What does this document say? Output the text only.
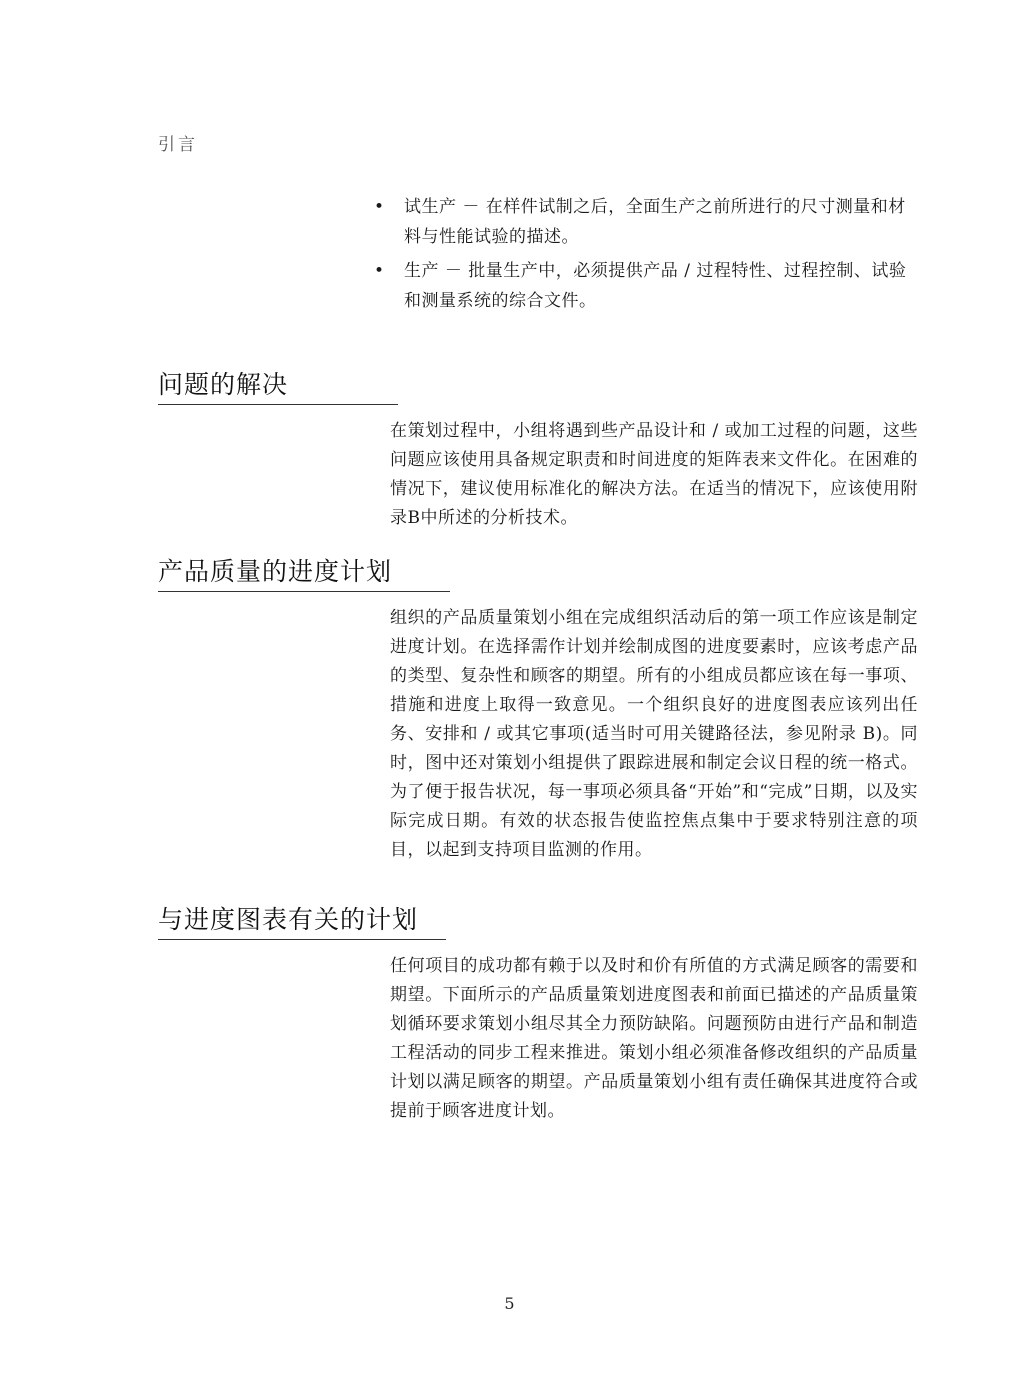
引言
• 试生产 － 在样件试制之后，全面生产之前所进行的尺寸测量和材料与性能试验的描述。
• 生产 － 批量生产中，必须提供产品 / 过程特性、过程控制、试验和测量系统的综合文件。
问题的解决

在策划过程中，小组将遇到些产品设计和 / 或加工过程的问题，这些问题应该使用具备规定职责和时间进度的矩阵表来文件化。在困难的情况下，建议使用标准化的解决方法。在适当的情况下，应该使用附录B中所述的分析技术。

产品质量的进度计划

组织的产品质量策划小组在完成组织活动后的第一项工作应该是制定进度计划。在选择需作计划并绘制成图的进度要素时，应该考虑产品的类型、复杂性和顾客的期望。所有的小组成员都应该在每一事项、措施和进度上取得一致意见。一个组织良好的进度图表应该列出任务、安排和 / 或其它事项(适当时可用关键路径法，参见附录 B)。同时，图中还对策划小组提供了跟踪进展和制定会议日程的统一格式。为了便于报告状况，每一事项必须具备“开始”和“完成”日期，以及实际完成日期。有效的状态报告使监控焦点集中于要求特别注意的项目，以起到支持项目监测的作用。

与进度图表有关的计划

任何项目的成功都有赖于以及时和价有所值的方式满足顾客的需要和期望。下面所示的产品质量策划进度图表和前面已描述的产品质量策划循环要求策划小组尽其全力预防缺陷。问题预防由进行产品和制造工程活动的同步工程来推进。策划小组必须准备修改组织的产品质量计划以满足顾客的期望。产品质量策划小组有责任确保其进度符合或提前于顾客进度计划。

5
